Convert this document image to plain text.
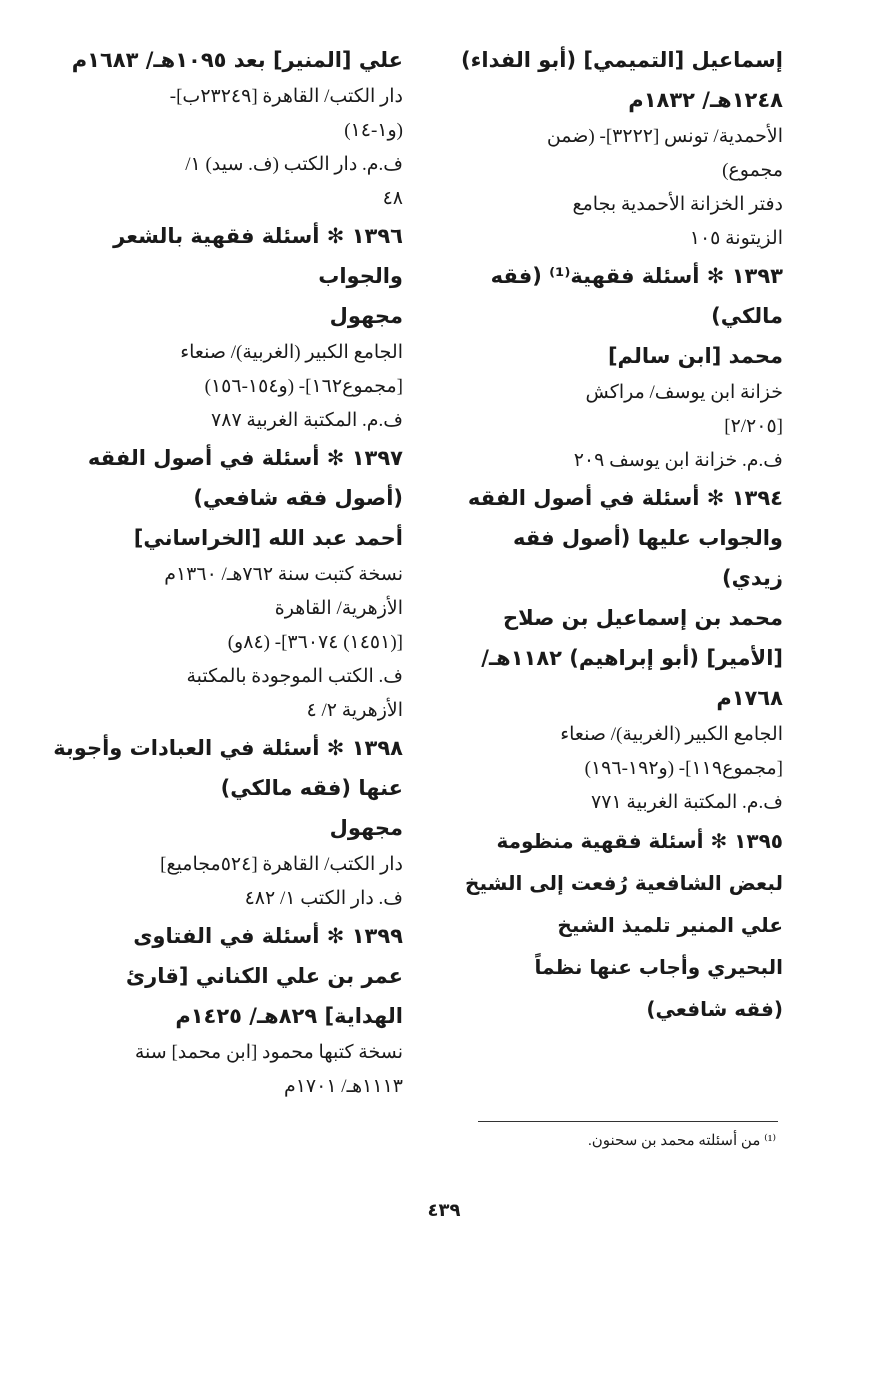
إسماعيل [التميمي] (أبو الفداء)
١٢٤٨هـ/ ١٨٣٢م
الأحمدية/ تونس [٣٢٢٢]- (ضمن
مجموع)
دفتر الخزانة الأحمدية بجامع
الزيتونة ١٠٥
١٣٩٣ ✻ أسئلة فقهية⁽¹⁾ (فقه
مالكي)
محمد [ابن سالم]
خزانة ابن يوسف/ مراكش
[٢/٢٠٥]
ف.م. خزانة ابن يوسف ٢٠٩
١٣٩٤ ✻ أسئلة في أصول الفقه
والجواب عليها (أصول فقه
زيدي)
محمد بن إسماعيل بن صلاح
[الأمير] (أبو إبراهيم) ١١٨٢هـ/
١٧٦٨م
الجامع الكبير (الغربية)/ صنعاء
[مجموع١١٩]- (و١٩٢-١٩٦)
ف.م. المكتبة الغربية ٧٧١
١٣٩٥ ✻ أسئلة فقهية منظومة
لبعض الشافعية رُفعت إلى الشيخ
علي المنير تلميذ الشيخ
البحيري وأجاب عنها نظماً
(فقه شافعي)
علي [المنير] بعد ١٠٩٥هـ/ ١٦٨٣م
دار الكتب/ القاهرة [٢٣٢٤٩ب]-
(و١-١٤)
ف.م. دار الكتب (ف. سيد) ١/
٤٨
١٣٩٦ ✻ أسئلة فقهية بالشعر
والجواب
مجهول
الجامع الكبير (الغربية)/ صنعاء
[مجموع١٦٢]- (و١٥٤-١٥٦)
ف.م. المكتبة الغربية ٧٨٧
١٣٩٧ ✻ أسئلة في أصول الفقه
(أصول فقه شافعي)
أحمد عبد الله [الخراساني]
نسخة كتبت سنة ٧٦٢هـ/ ١٣٦٠م
الأزهرية/ القاهرة
[(١٤٥١) ٣٦٠٧٤]- (٨٤و)
ف. الكتب الموجودة بالمكتبة
الأزهرية ٢/ ٤
١٣٩٨ ✻ أسئلة في العبادات وأجوبة
عنها (فقه مالكي)
مجهول
دار الكتب/ القاهرة [٥٢٤مجاميع]
ف. دار الكتب ١/ ٤٨٢
١٣٩٩ ✻ أسئلة في الفتاوى
عمر بن علي الكناني [قارئ
الهداية] ٨٢٩هـ/ ١٤٢٥م
نسخة كتبها محمود [ابن محمد] سنة
١١١٣هـ/ ١٧٠١م
⁽¹⁾ من أسئلته محمد بن سحنون.
٤٣٩
